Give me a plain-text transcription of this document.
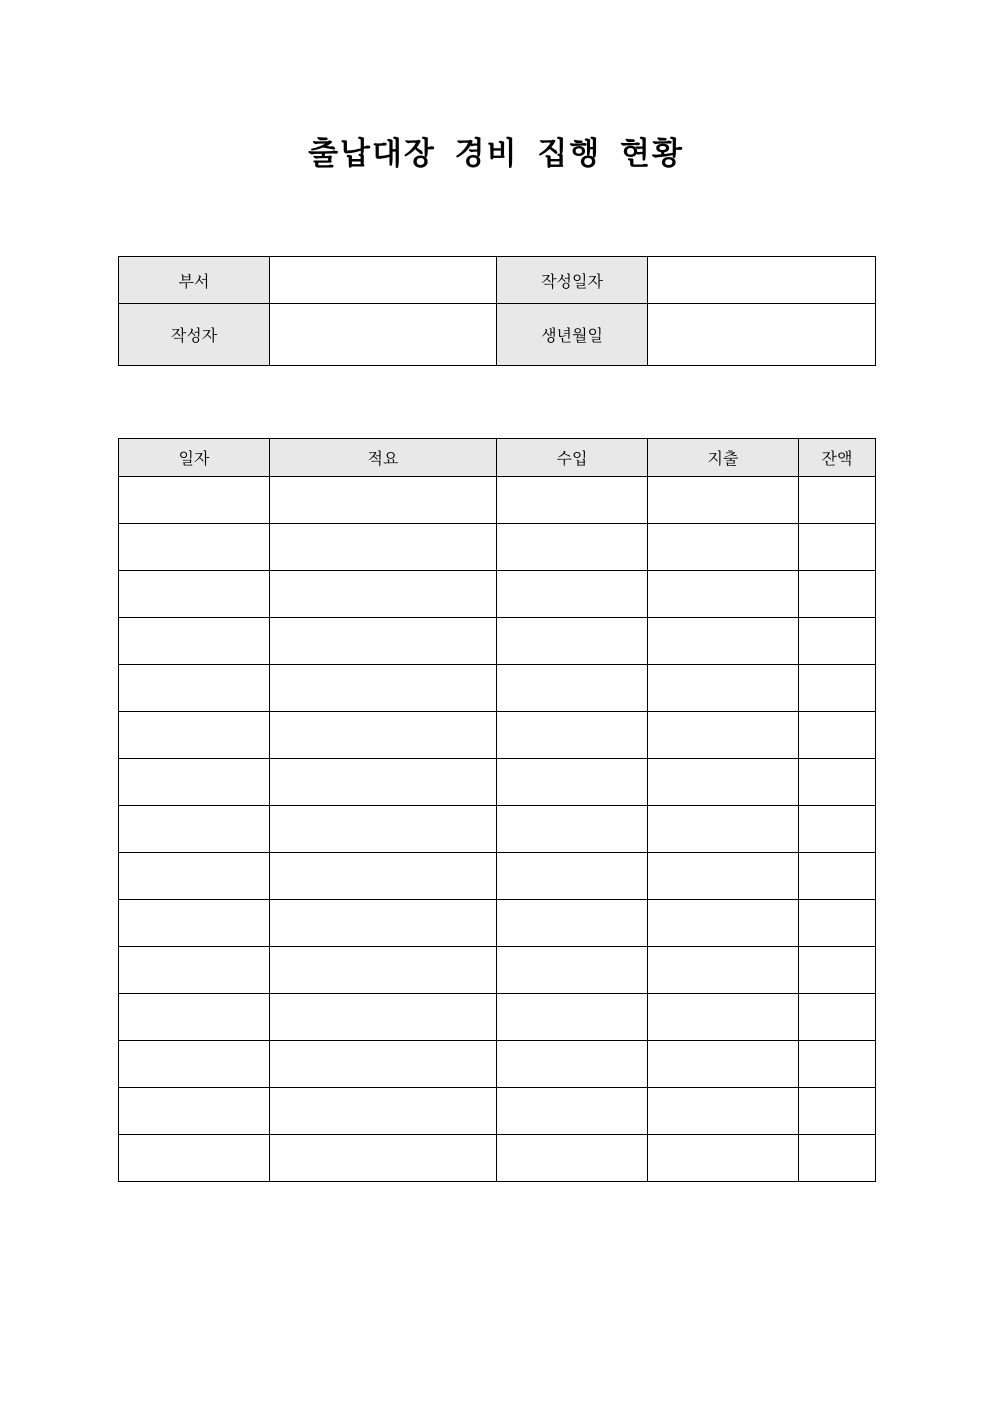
출납대장 경비 집행 현황
부서		작성일자	
작성자		생년월일	
일자	적요	수입	지출	잔액
